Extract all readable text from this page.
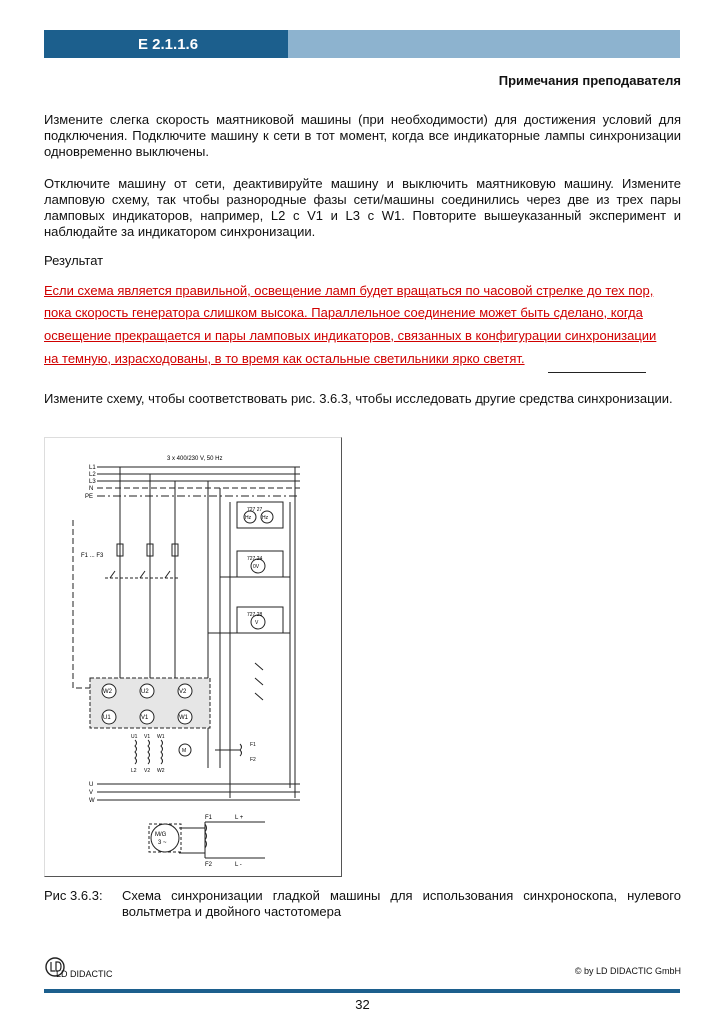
E 2.1.1.6
Примечания преподавателя
Измените слегка скорость маятниковой машины (при необходимости) для достижения условий для подключения. Подключите машину к сети в тот момент, когда все индикаторные лампы синхронизации одновременно выключены.
Отключите машину от сети, деактивируйте машину и выключить маятниковую машину. Измените ламповую схему, так чтобы разнородные фазы сети/машины соединились через две из трех пары ламповых индикаторов, например, L2 с V1 и L3 с W1. Повторите вышеуказанный эксперимент и наблюдайте за индикатором синхронизации.
Результат
Если схема является правильной, освещение ламп будет вращаться по часовой стрелке до тех пор,
пока скорость генератора слишком высока. Параллельное соединение может быть сделано, когда
освещение прекращается и пары ламповых индикаторов, связанных в конфигурации синхронизации
на темную, израсходованы, в то время как остальные светильники ярко светят.
Измените схему, чтобы соответствовать рис. 3.6.3, чтобы исследовать другие средства синхронизации.
3 x 400/230 V, 50 Hz
L1
L2
L3
N
PE
F1 ... F3
727 27
727 24
727 28
Hz Hz
0V
V
W2	U2	V2
U1	V1	W1
U1 V1 W1
L2 V2 W2
M
F1
F2
U
V
W
M/G
3 ~
F1
F2
L +
L -
Рис 3.6.3: Схема синхронизации гладкой машины для использования синхроноскопа, нулевого вольтметра и двойного частотомера
LD DIDACTIC	© by LD DIDACTIC GmbH
32
